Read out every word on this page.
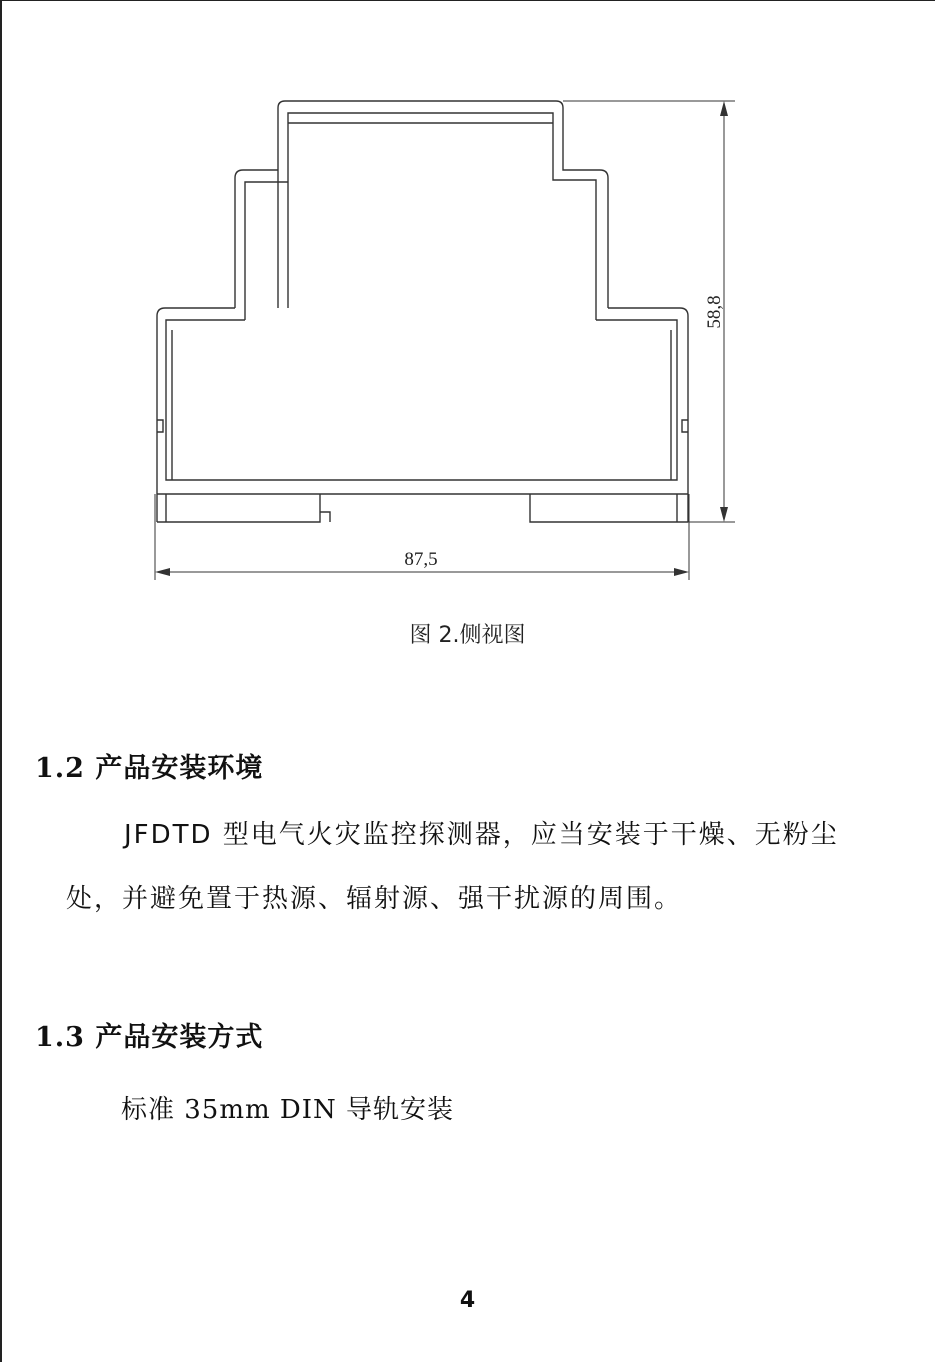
87,5
58,8
图 2.侧视图
1.2 产品安装环境
JFDTD 型电气火灾监控探测器，应当安装于干燥、无粉尘
处，并避免置于热源、辐射源、强干扰源的周围。
1.3 产品安装方式
标准 35mm DIN 导轨安装
4
